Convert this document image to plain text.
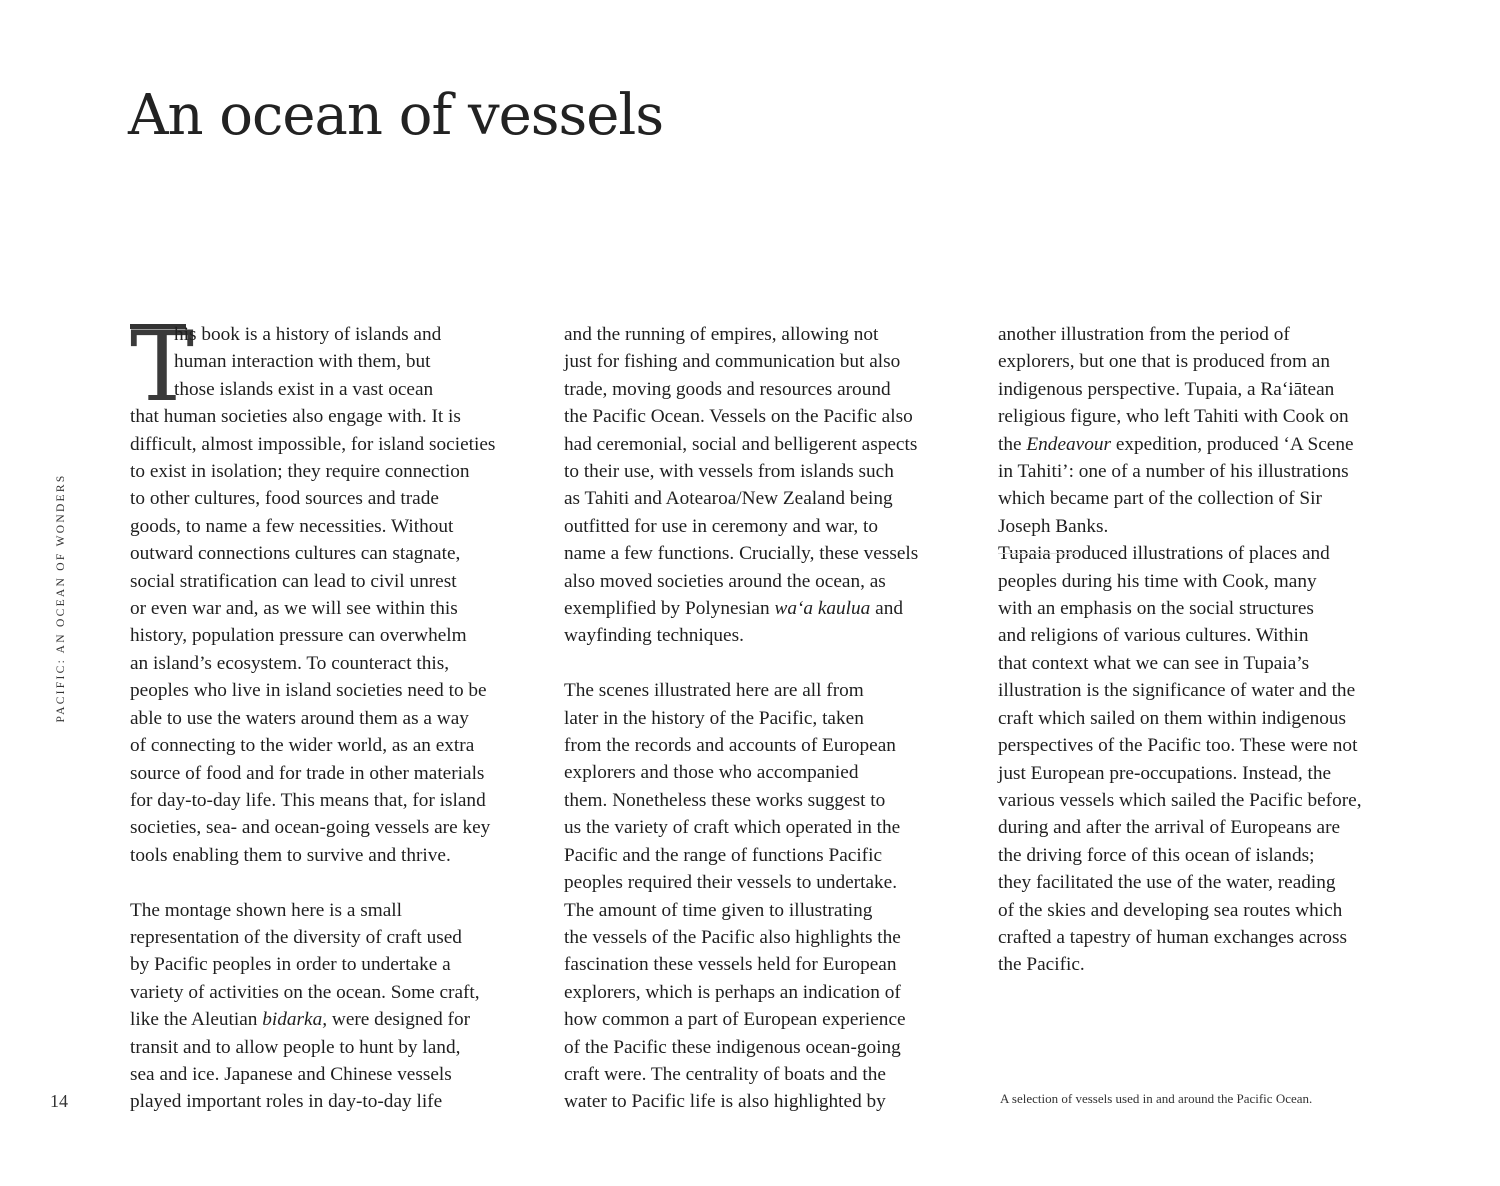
An ocean of vessels
PACIFIC: AN OCEAN OF WONDERS
14
T

his book is a history of islands and
human interaction with them, but
those islands exist in a vast ocean
that human societies also engage with. It is
difficult, almost impossible, for island societies
to exist in isolation; they require connection
to other cultures, food sources and trade
goods, to name a few necessities. Without
outward connections cultures can stagnate,
social stratification can lead to civil unrest
or even war and, as we will see within this
history, population pressure can overwhelm
an island’s ecosystem. To counteract this,
peoples who live in island societies need to be
able to use the waters around them as a way
of connecting to the wider world, as an extra
source of food and for trade in other materials
for day-to-day life. This means that, for island
societies, sea- and ocean-going vessels are key
tools enabling them to survive and thrive.

The montage shown here is a small
representation of the diversity of craft used
by Pacific peoples in order to undertake a
variety of activities on the ocean. Some craft,
like the Aleutian bidarka, were designed for
transit and to allow people to hunt by land,
sea and ice. Japanese and Chinese vessels
played important roles in day-to-day life

and the running of empires, allowing not
just for fishing and communication but also
trade, moving goods and resources around
the Pacific Ocean. Vessels on the Pacific also
had ceremonial, social and belligerent aspects
to their use, with vessels from islands such
as Tahiti and Aotearoa/New Zealand being
outfitted for use in ceremony and war, to
name a few functions. Crucially, these vessels
also moved societies around the ocean, as
exemplified by Polynesian wa‘a kaulua and
wayfinding techniques.

The scenes illustrated here are all from
later in the history of the Pacific, taken
from the records and accounts of European
explorers and those who accompanied
them. Nonetheless these works suggest to
us the variety of craft which operated in the
Pacific and the range of functions Pacific
peoples required their vessels to undertake.
The amount of time given to illustrating
the vessels of the Pacific also highlights the
fascination these vessels held for European
explorers, which is perhaps an indication of
how common a part of European experience
of the Pacific these indigenous ocean-going
craft were. The centrality of boats and the
water to Pacific life is also highlighted by

another illustration from the period of
explorers, but one that is produced from an
indigenous perspective. Tupaia, a Ra‘iātean
religious figure, who left Tahiti with Cook on
the Endeavour expedition, produced ‘A Scene
in Tahiti’: one of a number of his illustrations
which became part of the collection of Sir
Joseph Banks.

Tupaia produced illustrations of places and
peoples during his time with Cook, many
with an emphasis on the social structures
and religions of various cultures. Within
that context what we can see in Tupaia’s
illustration is the significance of water and the
craft which sailed on them within indigenous
perspectives of the Pacific too. These were not
just European pre-occupations. Instead, the
various vessels which sailed the Pacific before,
during and after the arrival of Europeans are
the driving force of this ocean of islands;
they facilitated the use of the water, reading
of the skies and developing sea routes which
crafted a tapestry of human exchanges across
the Pacific.

A selection of vessels used in and around the Pacific Ocean.
